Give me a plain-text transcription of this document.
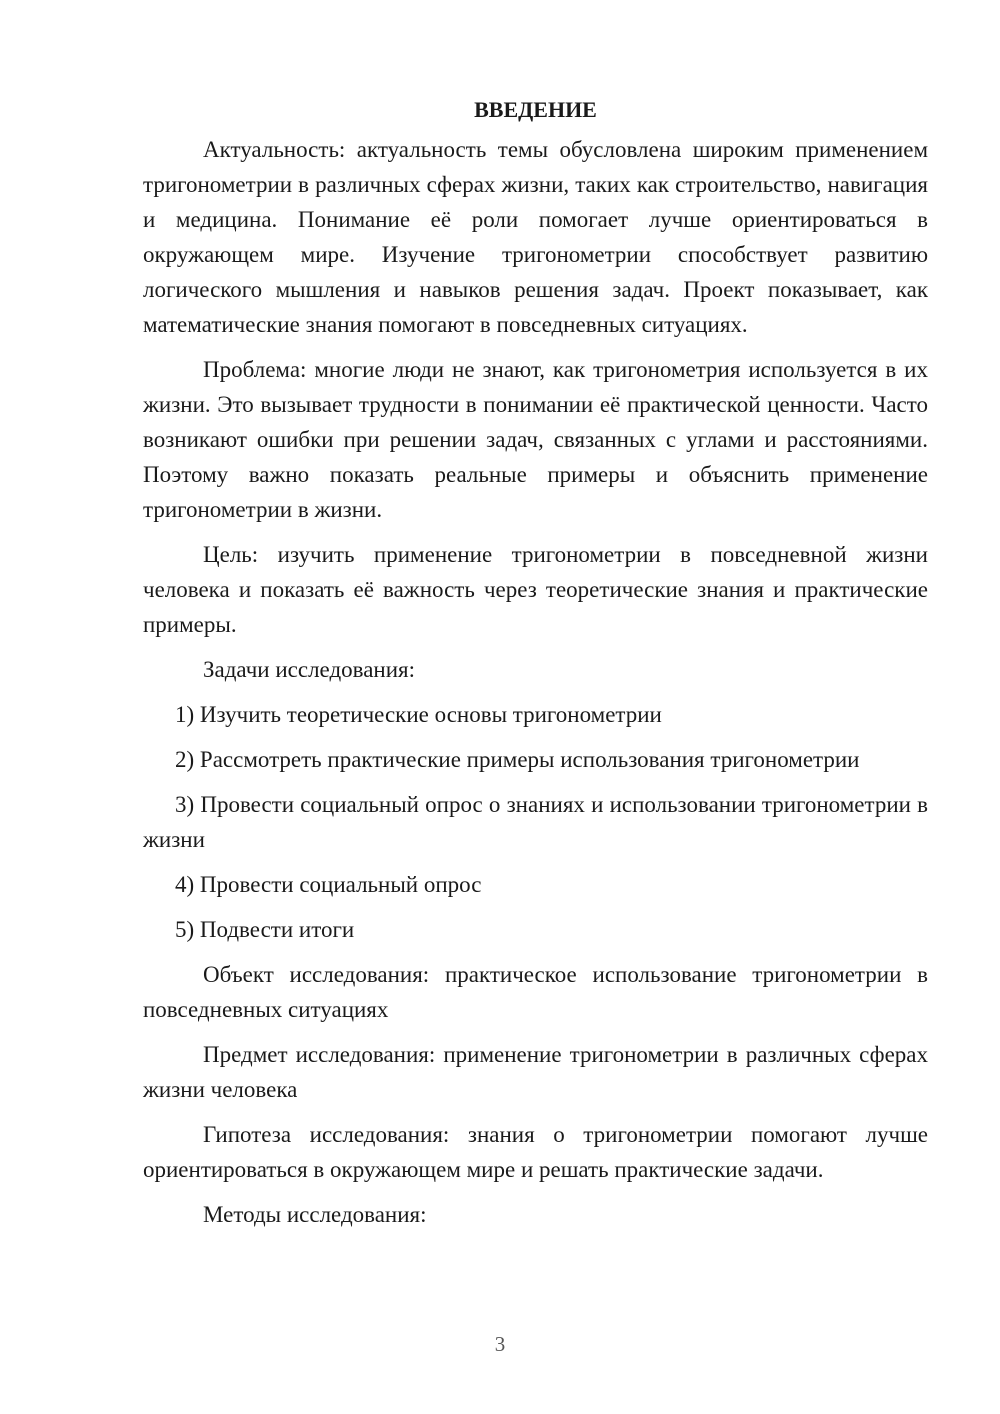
ВВЕДЕНИЕ

Актуальность: актуальность темы обусловлена широким применением тригонометрии в различных сферах жизни, таких как строительство, навигация и медицина. Понимание её роли помогает лучше ориентироваться в окружающем мире. Изучение тригонометрии способствует развитию логического мышления и навыков решения задач. Проект показывает, как математические знания помогают в повседневных ситуациях.

Проблема: многие люди не знают, как тригонометрия используется в их жизни. Это вызывает трудности в понимании её практической ценности. Часто возникают ошибки при решении задач, связанных с углами и расстояниями. Поэтому важно показать реальные примеры и объяснить применение тригонометрии в жизни.

Цель: изучить применение тригонометрии в повседневной жизни человека и показать её важность через теоретические знания и практические примеры.

Задачи исследования:

1) Изучить теоретические основы тригонометрии

2) Рассмотреть практические примеры использования тригонометрии

3) Провести социальный опрос о знаниях и использовании тригонометрии в жизни

4) Провести социальный опрос

5) Подвести итоги

Объект исследования: практическое использование тригонометрии в повседневных ситуациях

Предмет исследования: применение тригонометрии в различных сферах жизни человека

Гипотеза исследования: знания о тригонометрии помогают лучше ориентироваться в окружающем мире и решать практические задачи.

Методы исследования:

3
